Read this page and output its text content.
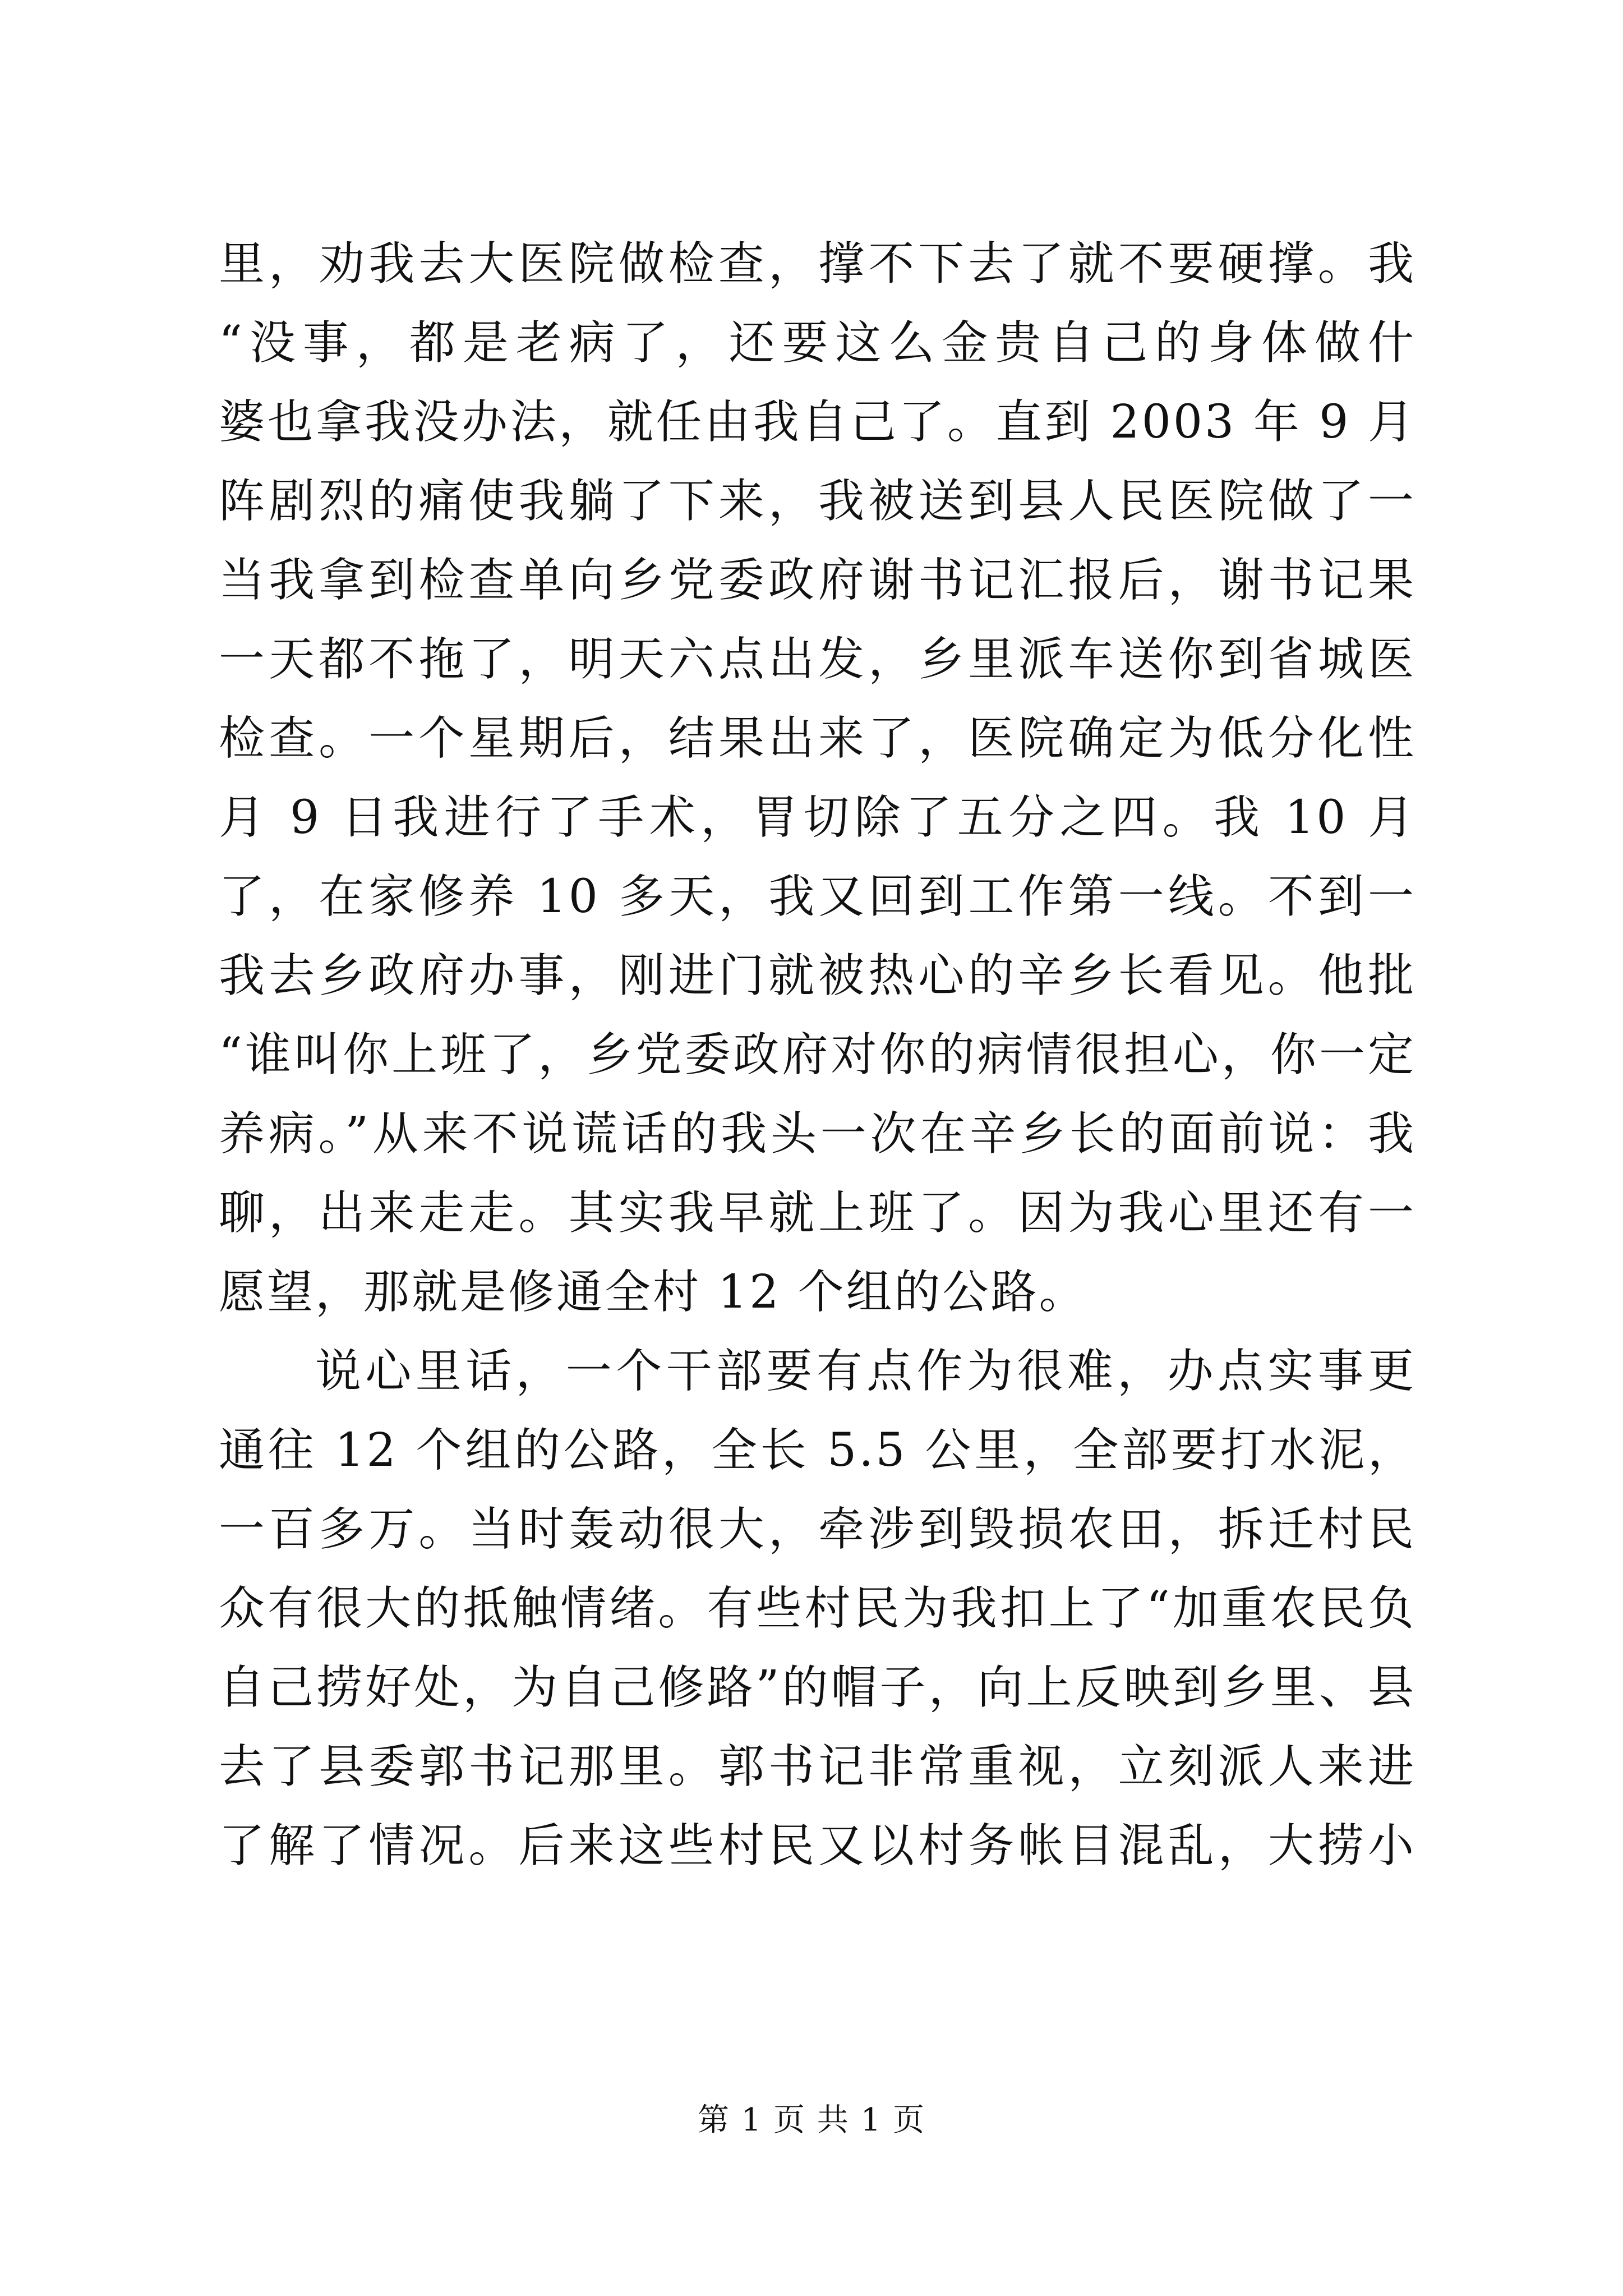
里，劝我去大医院做检查，撑不下去了就不要硬撑。我
“没事，都是老病了，还要这么金贵自己的身体做什
婆也拿我没办法，就任由我自己了。直到 2003 年 9 月
阵剧烈的痛使我躺了下来，我被送到县人民医院做了一
当我拿到检查单向乡党委政府谢书记汇报后，谢书记果
一天都不拖了，明天六点出发，乡里派车送你到省城医
检查。一个星期后，结果出来了，医院确定为低分化性
月 9 日我进行了手术，胃切除了五分之四。我 10 月
了，在家修养 10 多天，我又回到工作第一线。不到一
我去乡政府办事，刚进门就被热心的辛乡长看见。他批
“谁叫你上班了，乡党委政府对你的病情很担心，你一定
养病。”从来不说谎话的我头一次在辛乡长的面前说：我
聊，出来走走。其实我早就上班了。因为我心里还有一
愿望，那就是修通全村 12 个组的公路。
说心里话，一个干部要有点作为很难，办点实事更
通往 12 个组的公路，全长 5.5 公里，全部要打水泥，
一百多万。当时轰动很大，牵涉到毁损农田，拆迁村民
众有很大的抵触情绪。有些村民为我扣上了“加重农民负
自己捞好处，为自己修路”的帽子，向上反映到乡里、县
去了县委郭书记那里。郭书记非常重视，立刻派人来进
了解了情况。后来这些村民又以村务帐目混乱，大捞小
第 1 页 共 1 页
